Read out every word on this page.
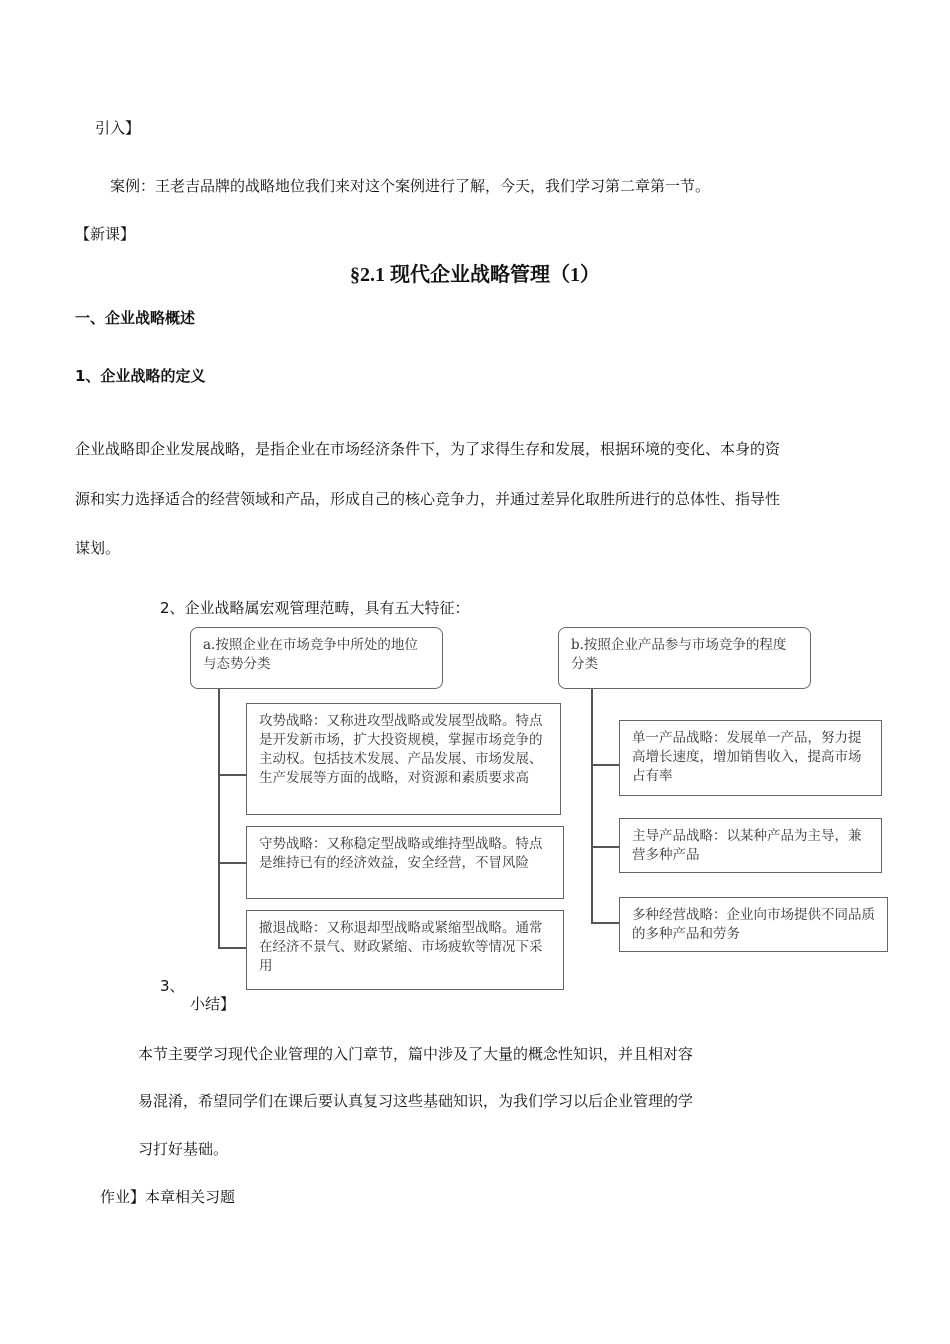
引入】
案例：王老吉品牌的战略地位我们来对这个案例进行了解，今天，我们学习第二章第一节。
【新课】
§2.1 现代企业战略管理（1）
一、企业战略概述
1、企业战略的定义
企业战略即企业发展战略，是指企业在市场经济条件下，为了求得生存和发展，根据环境的变化、本身的资
源和实力选择适合的经营领域和产品，形成自己的核心竞争力，并通过差异化取胜所进行的总体性、指导性
谋划。
2、企业战略属宏观管理范畴，具有五大特征：
a.按照企业在市场竞争中所处的地位与态势分类
攻势战略：又称进攻型战略或发展型战略。特点是开发新市场，扩大投资规模，掌握市场竞争的主动权。包括技术发展、产品发展、市场发展、生产发展等方面的战略，对资源和素质要求高
守势战略：又称稳定型战略或维持型战略。特点是维持已有的经济效益，安全经营，不冒风险
撤退战略：又称退却型战略或紧缩型战略。通常在经济不景气、财政紧缩、市场疲软等情况下采用
b.按照企业产品参与市场竞争的程度分类
单一产品战略：发展单一产品，努力提高增长速度，增加销售收入，提高市场占有率
主导产品战略：以某种产品为主导，兼营多种产品
多种经营战略：企业向市场提供不同品质的多种产品和劳务
3、
小结】
本节主要学习现代企业管理的入门章节，篇中涉及了大量的概念性知识，并且相对容
易混淆，希望同学们在课后要认真复习这些基础知识，为我们学习以后企业管理的学
习打好基础。
作业】本章相关习题
